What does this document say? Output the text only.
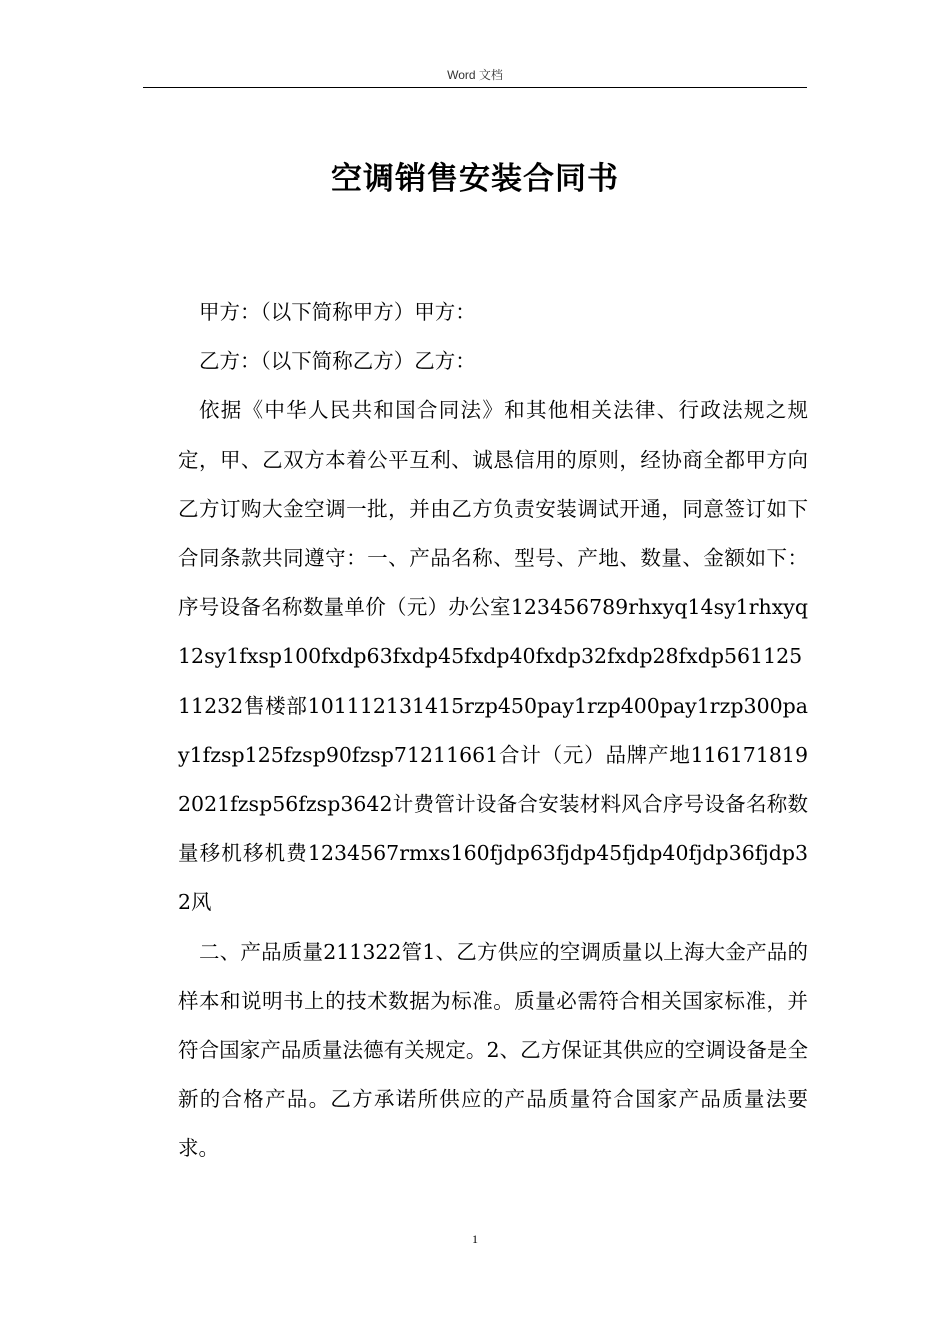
Word 文档
空调销售安装合同书

甲方：（以下简称甲方）甲方：

乙方：（以下简称乙方）乙方：

依据《中华人民共和国合同法》和其他相关法律、行政法规之规定，甲、乙双方本着公平互利、诚恳信用的原则，经协商全都甲方向乙方订购大金空调一批，并由乙方负责安装调试开通，同意签订如下合同条款共同遵守：一、产品名称、型号、产地、数量、金额如下：序号设备名称数量单价（元）办公室123456789rhxyq14sy1rhxyq12sy1fxsp100fxdp63fxdp45fxdp40fxdp32fxdp28fxdp56112511232售楼部101112131415rzp450pay1rzp400pay1rzp300pay1fzsp125fzsp90fzsp71211661合计（元）品牌产地1161718192021fzsp56fzsp3642计费管计设备合安装材料风合序号设备名称数量移机移机费1234567rmxs160fjdp63fjdp45fjdp40fjdp36fjdp32风

二、产品质量211322管1、乙方供应的空调质量以上海大金产品的样本和说明书上的技术数据为标准。质量必需符合相关国家标准，并符合国家产品质量法德有关规定。2、乙方保证其供应的空调设备是全新的合格产品。乙方承诺所供应的产品质量符合国家产品质量法要求。

1
